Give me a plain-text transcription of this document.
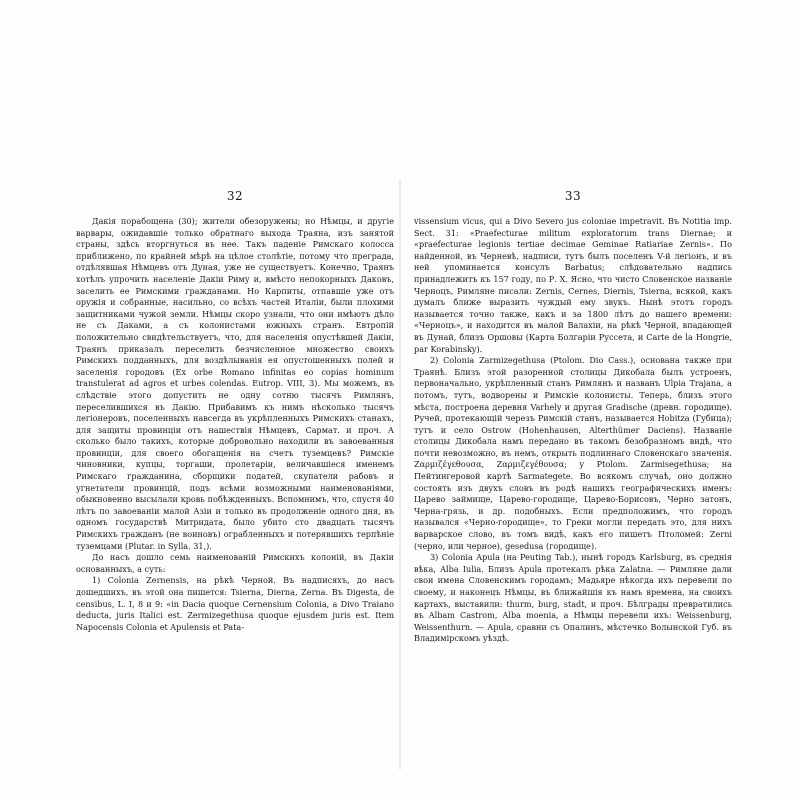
32

Дакія порабощена (30); жители обезоружены; но Нѣмцы, и другіе варвары, ожидавшіе только обратнаго выхода Траяна, изъ занятой страны, здѣсь вторгнуться въ нее. Такъ паденіе Римскаго колосса приближено, по крайней мѣрѣ на цѣлое столѣтіе, потому что преграда, отдѣлявшая Нѣмцевъ отъ Дуная, уже не существуетъ. Конечно, Траянъ хотѣлъ упрочить населеніе Дакіи Риму и, вмѣсто непокорныхъ Даковъ, заселить ее Римскими гражданами. Но Карпиты, отпавшіе уже отъ оружія и собранные, насильно, со всѣхъ частей Италіи, были плохими защитниками чужой земли. Нѣмцы скоро узнали, что они имѣютъ дѣло не съ Даками, а съ колонистами южныхъ странъ. Евтропій положительно свидѣтельствуетъ, что, для населенія опустѣвшей Дакіи, Траянъ приказалъ переселить безчисленное множество своихъ Римскихъ подданныхъ, для воздѣлыванія ея опустошенныхъ полей и заселенія городовъ (Ex orbe Romano infinitas eo copias hominum transtulerat ad agros et urbes colendas. Eutrop. VIII, 3). Мы можемъ, въ слѣдствіе этого допустить не одну сотню тысячъ Римлянъ, переселившихся въ Дакію. Прибавимъ къ нимъ нѣсколько тысячъ легіонеровъ, поселенныхъ навсегда въ укрѣпленныхъ Римскихъ станахъ, для защиты провинціи отъ нашествія Нѣмцевъ, Сармат. и проч. А сколько было такихъ, которые добровольно находили въ завоеванныя провинціи, для своего обогащенія на счетъ туземцевъ? Римскіе чиновники, купцы, торгаши, пролетаріи, величавшіеся именемъ Римскаго гражданина, сборщики податей, скупатели рабовъ и угнетатели провинцій, подъ всѣми возможными наименованіями, обыкновенно высылали кровь побѣжденныхъ. Вспомнимъ, что, спустя 40 лѣтъ по завоеваніи малой Азіи и только въ продолженіе одного дня, въ одномъ государствѣ Митридата, было убито сто двадцать тысячъ Римскихъ гражданъ (не воиновъ) ограбленныхъ и потерявшихъ терпѣніе туземцами (Plutar. in Sylla. 31,).

До насъ дошло семь наименованій Римскихъ колоній, въ Дакіи основанныхъ, а суть:

1) Colonia Zernensis, на рѣкѣ Черной. Въ надписяхъ, до насъ дошедшихъ, въ этой она пишется: Tsierna, Dierna, Zerna. Въ Digesta, de censibus, L. I, 8 и 9: «in Dacia quoque Cernensium Colonia, a Divo Traiano deducta, juris Italici est. Zermizegethusa quoque ejusdem juris est. Item Napocensis Colonia et Apulensis et Pata-

33

vissensium vicus, qui a Divo Severo jus coloniae impetravit. Въ Notitia imp. Sect. 31: «Praefecturae militum exploratorum trans Diernae; и «praefecturae legionis tertiae decimae Geminae Ratiariae Zernis». По найденной, въ Черневѣ, надписи, тутъ былъ поселенъ V-й легіонъ, и въ ней упоминается консулъ Barbatus; слѣдовательно надпись принадлежитъ къ 157 году, по Р. Х. Ясно, что чисто Словенское названіе Черноцъ, Римляне писали: Zernis, Cernes, Diernis, Tsierna, всякой, какъ думалъ ближе выразить чуждый ему звукъ. Нынѣ этотъ городъ называется точно также, какъ и за 1800 лѣтъ до нашего времени: «Черноцъ», и находится въ малой Валахіи, на рѣкѣ Черной, впадающей въ Дунай, близъ Оршовы (Карта Болгаріи Руссета, и Carte de la Hongrie, par Korabinsky).

2) Colonia Zarmizegethusa (Ptolom. Dio Cass.), основана также при Траянѣ. Близъ этой разоренной столицы Дикобала былъ устроенъ, первоначально, укрѣпленный станъ Римлянъ и названъ Ulpia Trajana, а потомъ, тутъ, водворены и Римскіе колонисты. Теперь, близъ этого мѣста, построена деревня Varhely и другая Gradische (древн. городище). Ручей, протекающій черезъ Римскій станъ, называется Hobitza (Губица); тутъ и село Ostrow (Hohenhausen, Alterthümer Daciens). Названіе столицы Дикобала намъ передано въ такомъ безобразномъ видѣ, что почти невозможно, въ немъ, открыть подлиннаго Словенскаго значенія. Ζαρμιζέγεθουσα, Ζαρμιζεγέθουσα; у Ptolom. Zarmisegethusa; на Пейтингеровой картѣ Sarmategete. Во всякомъ случаѣ, оно должно состоять изъ двухъ словъ въ родѣ нашихъ географическихъ именъ: Царево займище, Царево-городище, Царево-Борисовъ, Черно затонъ, Черна-грязь, и др. подобныхъ. Если предположимъ, что городъ назывался «Черно-городище», то Греки могли передать это, для нихъ варварское слово, въ томъ видѣ, какъ его пишетъ Птоломей: Zerni (черно, или черное), gesedusa (городище).

3) Colonia Apula (на Peuting Tab.), нынѣ городъ Karlsburg, въ среднія вѣка, Alba Iulia. Близъ Apula протекалъ рѣка Zalatna. — Римляне дали свои имена Словенскимъ городамъ; Мадьяре нѣкогда ихъ перевели по своему, и наконецъ Нѣмцы, въ ближайшія къ намъ времена, на своихъ картахъ, выставили: thurm, burg, stadt, и проч. Бѣлграды превратились въ Albam Castrom, Alba moenia, а Нѣмцы перевели ихъ: Weissenburg, Weissenthurn. — Apula, сравни съ Опалинъ, мѣстечко Волынской Губ. въ Владимірскомъ уѣздѣ.
